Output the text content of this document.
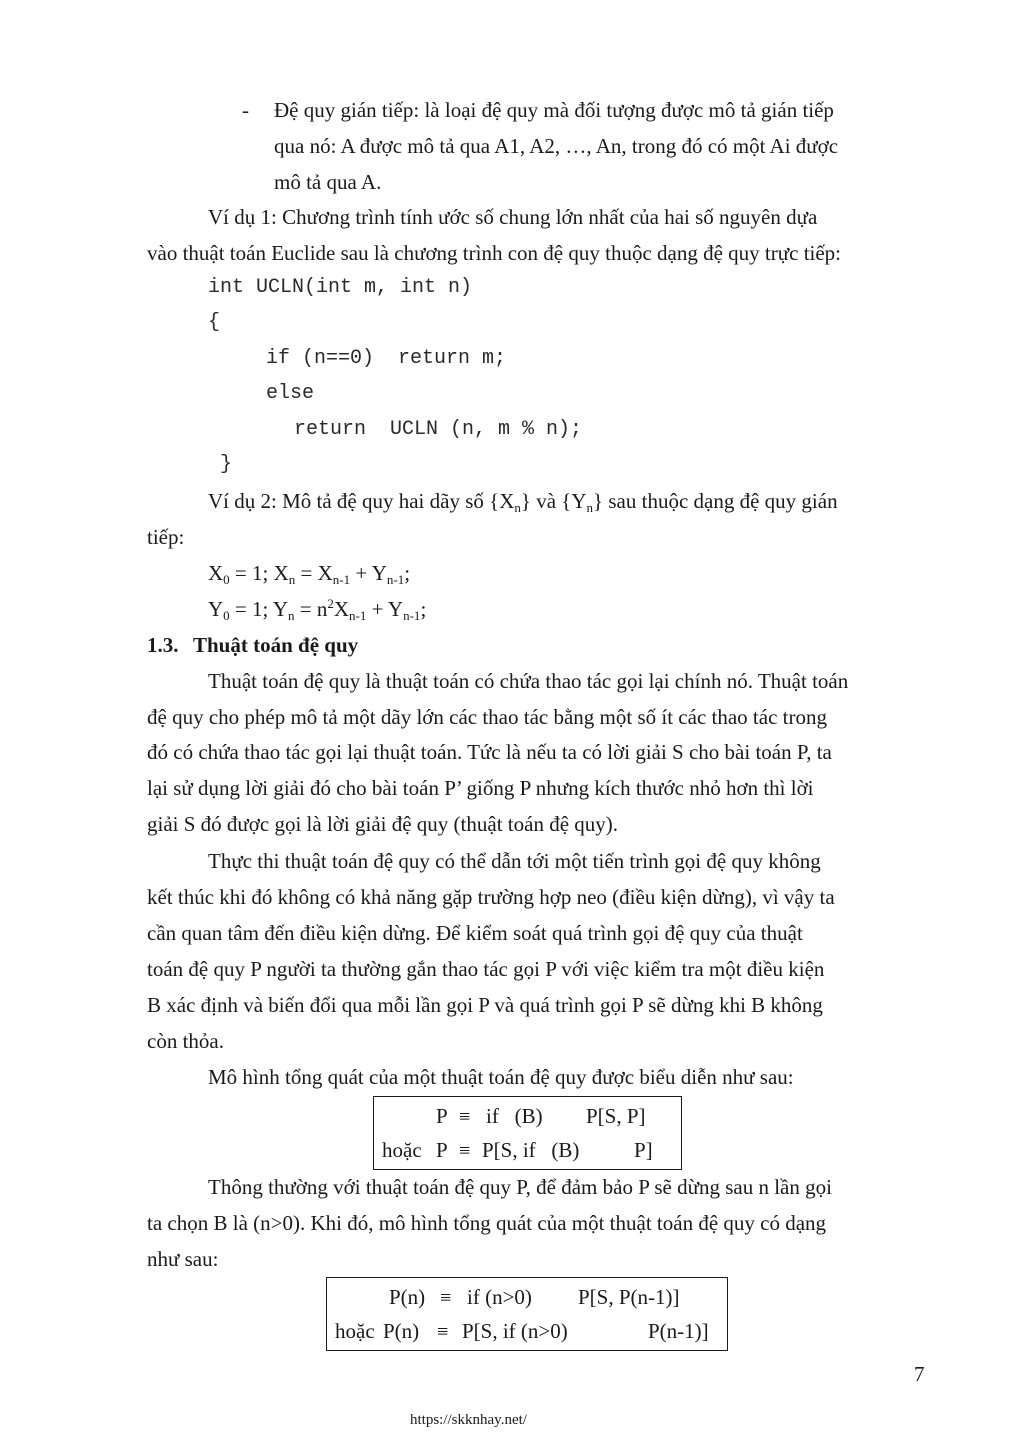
- Đệ quy gián tiếp: là loại đệ quy mà đối tượng được mô tả gián tiếp
qua nó: A được mô tả qua A1, A2, …, An, trong đó có một Ai được
mô tả qua A.
Ví dụ 1: Chương trình tính ước số chung lớn nhất của hai số nguyên dựa
vào thuật toán Euclide sau là chương trình con đệ quy thuộc dạng đệ quy trực tiếp:
int UCLN(int m, int n)
{
if (n==0)  return m;
else
return  UCLN (n, m % n);
}
Ví dụ 2: Mô tả đệ quy hai dãy số $\{X_n\}$ và $\{Y_n\}$ sau thuộc dạng đệ quy gián
tiếp:
$X_0 = 1$; $X_n = X_{n-1} + Y_{n-1}$;
$Y_0 = 1$; $Y_n = n^2X_{n-1} + Y_{n-1}$;
1.3. Thuật toán đệ quy
Thuật toán đệ quy là thuật toán có chứa thao tác gọi lại chính nó. Thuật toán
đệ quy cho phép mô tả một dãy lớn các thao tác bằng một số ít các thao tác trong
đó có chứa thao tác gọi lại thuật toán. Tức là nếu ta có lời giải S cho bài toán P, ta
lại sử dụng lời giải đó cho bài toán P’ giống P nhưng kích thước nhỏ hơn thì lời
giải S đó được gọi là lời giải đệ quy (thuật toán đệ quy).
Thực thi thuật toán đệ quy có thể dẫn tới một tiến trình gọi đệ quy không
kết thúc khi đó không có khả năng gặp trường hợp neo (điều kiện dừng), vì vậy ta
cần quan tâm đến điều kiện dừng. Để kiểm soát quá trình gọi đệ quy của thuật
toán đệ quy P người ta thường gắn thao tác gọi P với việc kiểm tra một điều kiện
B xác định và biến đổi qua mỗi lần gọi P và quá trình gọi P sẽ dừng khi B không
còn thỏa.
Mô hình tổng quát của một thuật toán đệ quy được biểu diễn như sau:
P ≡ if   (B) P[S, P]
hoặc P ≡ P[S, if   (B)	P]
Thông thường với thuật toán đệ quy P, để đảm bảo P sẽ dừng sau n lần gọi
ta chọn B là (n>0). Khi đó, mô hình tổng quát của một thuật toán đệ quy có dạng
như sau:
P(n) ≡ if (n>0) P[S, P(n-1)]
hoặc P(n) ≡ P[S, if (n>0)	P(n-1)]
7
https://skknhay.net/
